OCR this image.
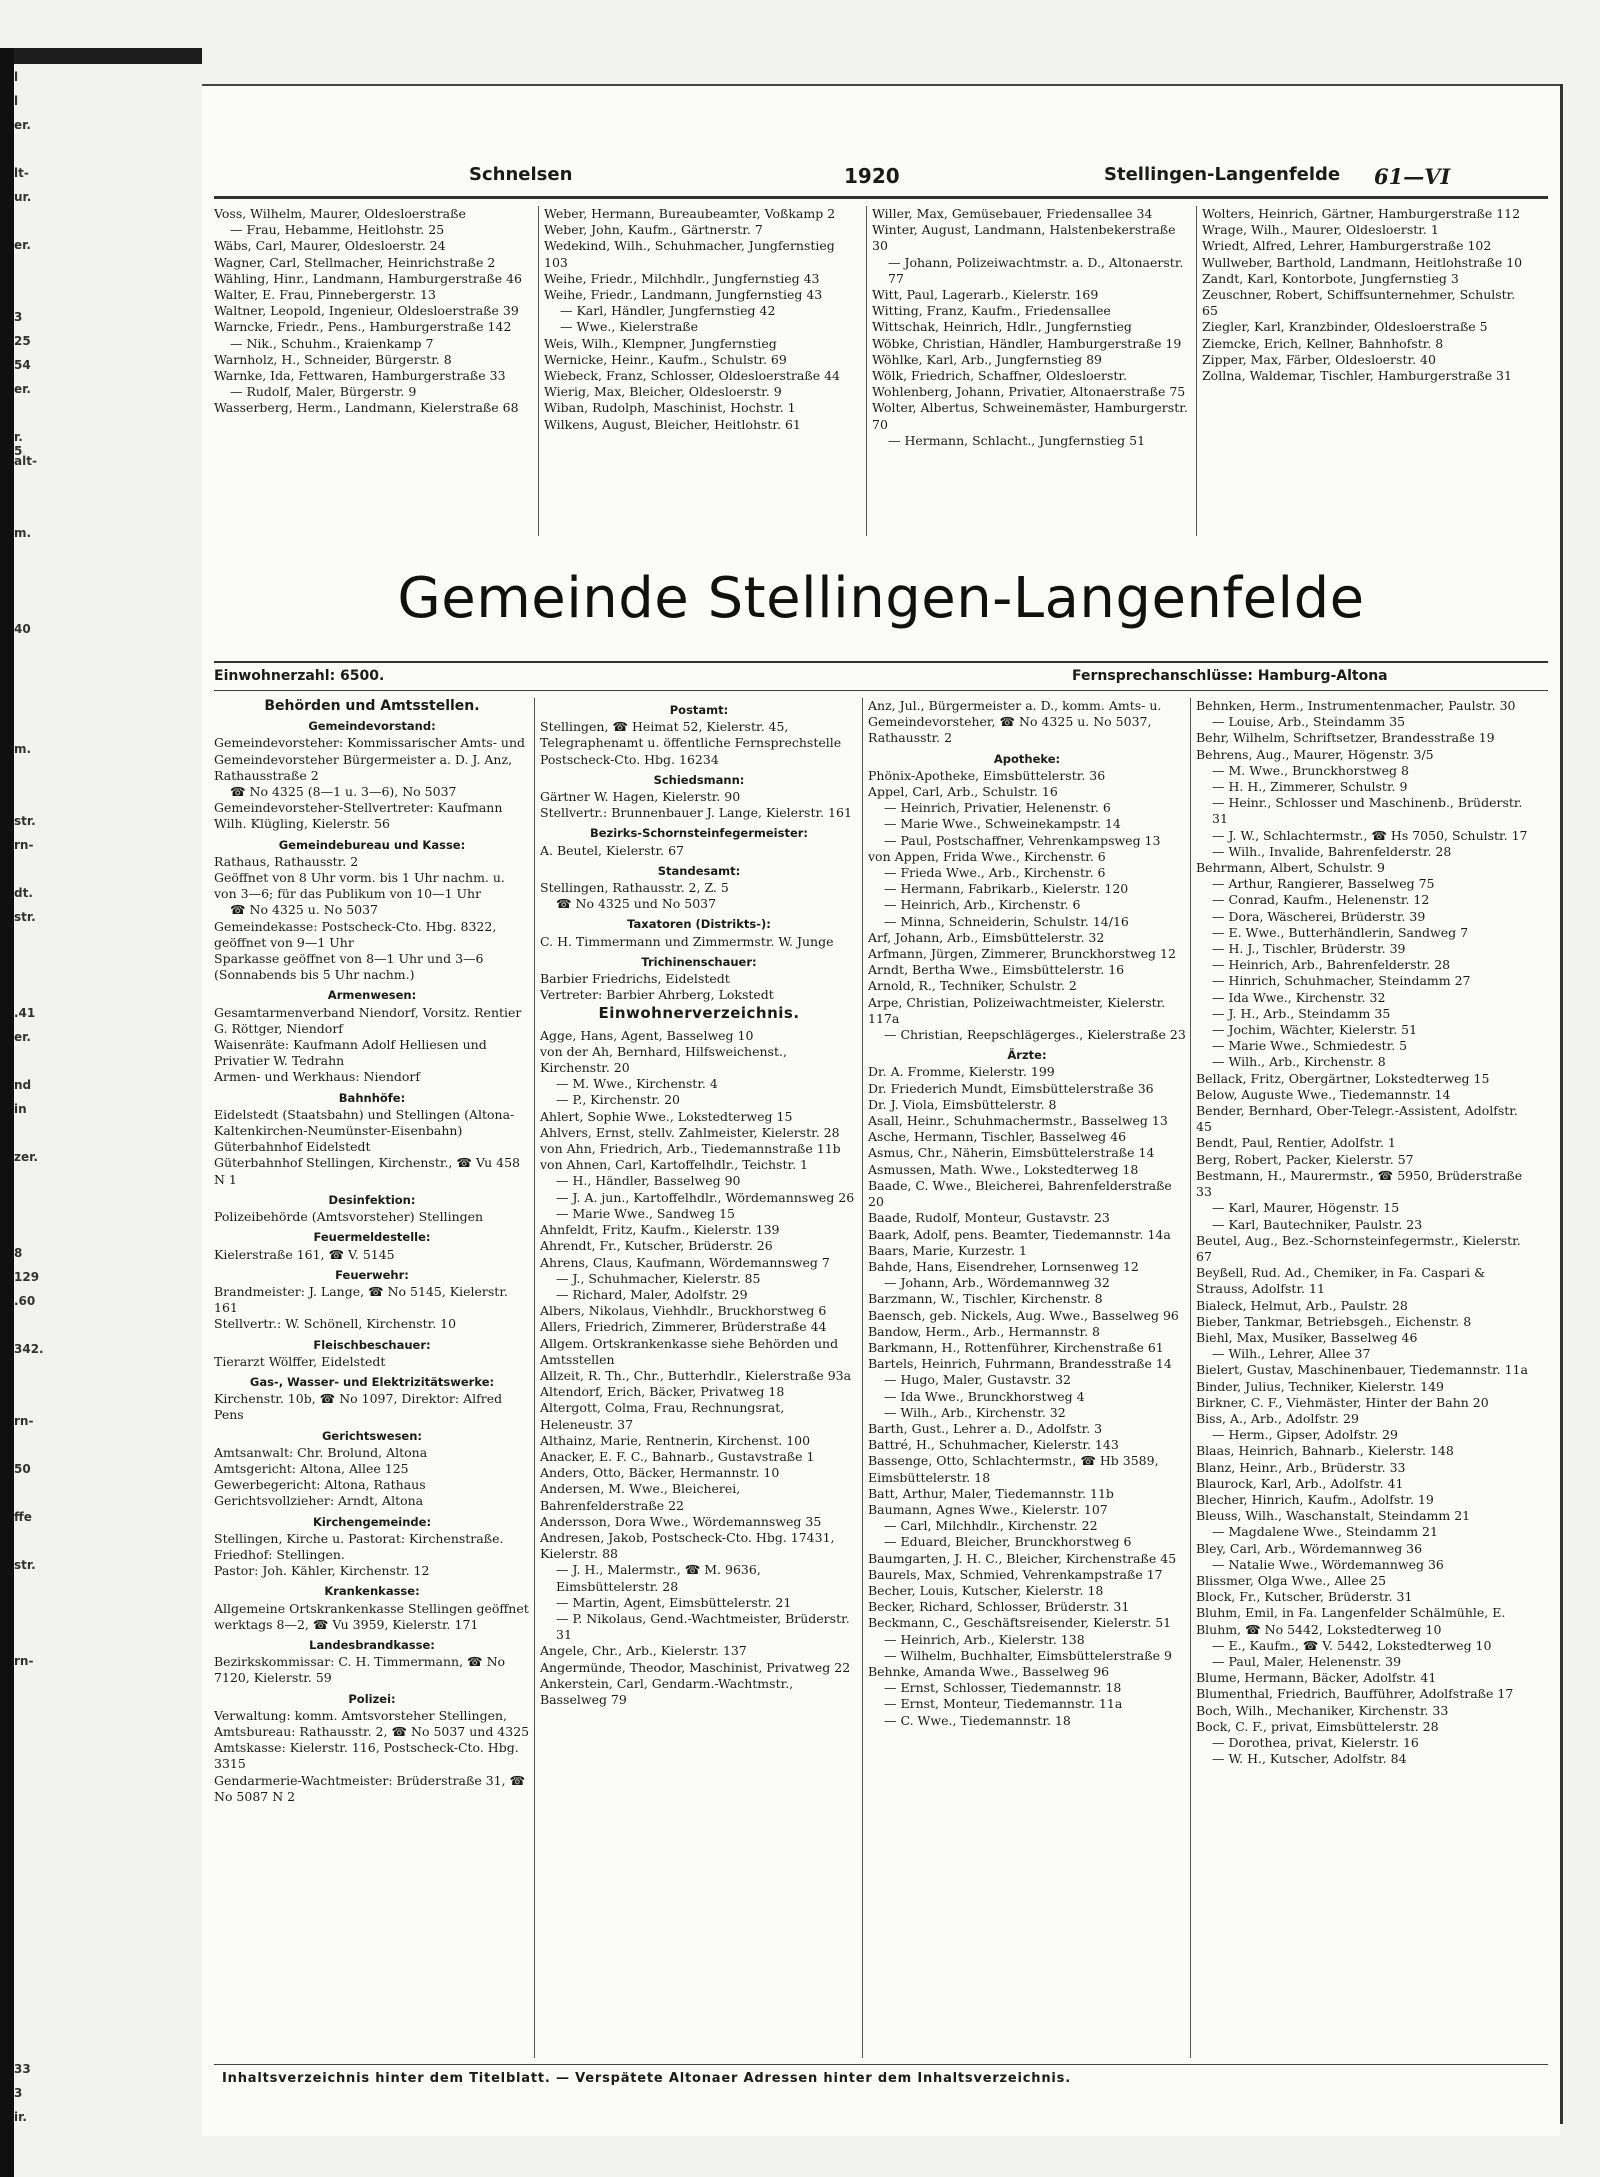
l
l
er.
lt-
ur.
er.
3
25
54
er.
r. 5
alt-
m.
40
m.
str.
rn-
dt.
str.
.41
er.
nd
in
zer.
8
129
.60
342.
rn-
50
ffe
str.
rn-
33
3
ir.
Schnelsen	1920	Stellingen-Langenfelde 61—VI

Voss, Wilhelm, Maurer, Oldesloerstraße

— Frau, Hebamme, Heitlohstr. 25

Wäbs, Carl, Maurer, Oldesloerstr. 24

Wagner, Carl, Stellmacher, Heinrichstraße 2

Wähling, Hinr., Landmann, Hamburgerstraße 46

Walter, E. Frau, Pinnebergerstr. 13

Waltner, Leopold, Ingenieur, Oldesloerstraße 39

Warncke, Friedr., Pens., Hamburgerstraße 142

— Nik., Schuhm., Kraienkamp 7

Warnholz, H., Schneider, Bürgerstr. 8

Warnke, Ida, Fettwaren, Hamburgerstraße 33

— Rudolf, Maler, Bürgerstr. 9

Wasserberg, Herm., Landmann, Kielerstraße 68

Weber, Hermann, Bureaubeamter, Voßkamp 2

Weber, John, Kaufm., Gärtnerstr. 7

Wedekind, Wilh., Schuhmacher, Jungfernstieg 103

Weihe, Friedr., Milchhdlr., Jungfernstieg 43

Weihe, Friedr., Landmann, Jungfernstieg 43

— Karl, Händler, Jungfernstieg 42

— Wwe., Kielerstraße

Weis, Wilh., Klempner, Jungfernstieg

Wernicke, Heinr., Kaufm., Schulstr. 69

Wiebeck, Franz, Schlosser, Oldesloerstraße 44

Wierig, Max, Bleicher, Oldesloerstr. 9

Wiban, Rudolph, Maschinist, Hochstr. 1

Wilkens, August, Bleicher, Heitlohstr. 61

Willer, Max, Gemüsebauer, Friedensallee 34

Winter, August, Landmann, Halstenbekerstraße 30

— Johann, Polizeiwachtmstr. a. D., Altonaerstr. 77

Witt, Paul, Lagerarb., Kielerstr. 169

Witting, Franz, Kaufm., Friedensallee

Wittschak, Heinrich, Hdlr., Jungfernstieg

Wöbke, Christian, Händler, Hamburgerstraße 19

Wöhlke, Karl, Arb., Jungfernstieg 89

Wölk, Friedrich, Schaffner, Oldesloerstr.

Wohlenberg, Johann, Privatier, Altonaerstraße 75

Wolter, Albertus, Schweinemäster, Hamburgerstr. 70

— Hermann, Schlacht., Jungfernstieg 51

Wolters, Heinrich, Gärtner, Hamburgerstraße 112

Wrage, Wilh., Maurer, Oldesloerstr. 1

Wriedt, Alfred, Lehrer, Hamburgerstraße 102

Wullweber, Barthold, Landmann, Heitlohstraße 10

Zandt, Karl, Kontorbote, Jungfernstieg 3

Zeuschner, Robert, Schiffsunternehmer, Schulstr. 65

Ziegler, Karl, Kranzbinder, Oldesloerstraße 5

Ziemcke, Erich, Kellner, Bahnhofstr. 8

Zipper, Max, Färber, Oldesloerstr. 40

Zollna, Waldemar, Tischler, Hamburgerstraße 31

Gemeinde Stellingen-Langenfelde
Einwohnerzahl: 6500.	Fernsprechanschlüsse: Hamburg-Altona

Behörden und Amtsstellen.

Gemeindevorstand:

Gemeindevorsteher: Kommissarischer Amts- und Gemeindevorsteher Bürgermeister a. D. J. Anz, Rathausstraße 2

☎ No 4325 (8—1 u. 3—6), No 5037

Gemeindevorsteher-Stellvertreter: Kaufmann Wilh. Klügling, Kielerstr. 56

Gemeindebureau und Kasse:

Rathaus, Rathausstr. 2

Geöffnet von 8 Uhr vorm. bis 1 Uhr nachm. u. von 3—6; für das Publikum von 10—1 Uhr

☎ No 4325 u. No 5037

Gemeindekasse: Postscheck-Cto. Hbg. 8322, geöffnet von 9—1 Uhr

Sparkasse geöffnet von 8—1 Uhr und 3—6 (Sonnabends bis 5 Uhr nachm.)

Armenwesen:

Gesamtarmenverband Niendorf, Vorsitz. Rentier G. Röttger, Niendorf

Waisenräte: Kaufmann Adolf Helliesen und Privatier W. Tedrahn

Armen- und Werkhaus: Niendorf

Bahnhöfe:

Eidelstedt (Staatsbahn) und Stellingen (Altona-Kaltenkirchen-Neumünster-Eisenbahn)

Güterbahnhof Eidelstedt

Güterbahnhof Stellingen, Kirchenstr., ☎ Vu 458 N 1

Desinfektion:

Polizeibehörde (Amtsvorsteher) Stellingen

Feuermeldestelle:

Kielerstraße 161, ☎ V. 5145

Feuerwehr:

Brandmeister: J. Lange, ☎ No 5145, Kielerstr. 161

Stellvertr.: W. Schönell, Kirchenstr. 10

Fleischbeschauer:

Tierarzt Wölffer, Eidelstedt

Gas-, Wasser- und Elektrizitätswerke:

Kirchenstr. 10b, ☎ No 1097, Direktor: Alfred Pens

Gerichtswesen:

Amtsanwalt: Chr. Brolund, Altona

Amtsgericht: Altona, Allee 125

Gewerbegericht: Altona, Rathaus

Gerichtsvollzieher: Arndt, Altona

Kirchengemeinde:

Stellingen, Kirche u. Pastorat: Kirchenstraße. Friedhof: Stellingen.

Pastor: Joh. Kähler, Kirchenstr. 12

Krankenkasse:

Allgemeine Ortskrankenkasse Stellingen geöffnet werktags 8—2, ☎ Vu 3959, Kielerstr. 171

Landesbrandkasse:

Bezirkskommissar: C. H. Timmermann, ☎ No 7120, Kielerstr. 59

Polizei:

Verwaltung: komm. Amtsvorsteher Stellingen, Amtsbureau: Rathausstr. 2, ☎ No 5037 und 4325

Amtskasse: Kielerstr. 116, Postscheck-Cto. Hbg. 3315

Gendarmerie-Wachtmeister: Brüderstraße 31, ☎ No 5087 N 2

Postamt:

Stellingen, ☎ Heimat 52, Kielerstr. 45, Telegraphenamt u. öffentliche Fernsprechstelle

Postscheck-Cto. Hbg. 16234

Schiedsmann:

Gärtner W. Hagen, Kielerstr. 90

Stellvertr.: Brunnenbauer J. Lange, Kielerstr. 161

Bezirks-Schornsteinfegermeister:

A. Beutel, Kielerstr. 67

Standesamt:

Stellingen, Rathausstr. 2, Z. 5

☎ No 4325 und No 5037

Taxatoren (Distrikts-):

C. H. Timmermann und Zimmermstr. W. Junge

Trichinenschauer:

Barbier Friedrichs, Eidelstedt

Vertreter: Barbier Ahrberg, Lokstedt

Einwohnerverzeichnis.

Agge, Hans, Agent, Basselweg 10

von der Ah, Bernhard, Hilfsweichenst., Kirchenstr. 20

— M. Wwe., Kirchenstr. 4

— P., Kirchenstr. 20

Ahlert, Sophie Wwe., Lokstedterweg 15

Ahlvers, Ernst, stellv. Zahlmeister, Kielerstr. 28

von Ahn, Friedrich, Arb., Tiedemannstraße 11b

von Ahnen, Carl, Kartoffelhdlr., Teichstr. 1

— H., Händler, Basselweg 90

— J. A. jun., Kartoffelhdlr., Wördemannsweg 26

— Marie Wwe., Sandweg 15

Ahnfeldt, Fritz, Kaufm., Kielerstr. 139

Ahrendt, Fr., Kutscher, Brüderstr. 26

Ahrens, Claus, Kaufmann, Wördemannsweg 7

— J., Schuhmacher, Kielerstr. 85

— Richard, Maler, Adolfstr. 29

Albers, Nikolaus, Viehhdlr., Bruckhorstweg 6

Allers, Friedrich, Zimmerer, Brüderstraße 44

Allgem. Ortskrankenkasse siehe Behörden und Amtsstellen

Allzeit, R. Th., Chr., Butterhdlr., Kielerstraße 93a

Altendorf, Erich, Bäcker, Privatweg 18

Altergott, Colma, Frau, Rechnungsrat, Heleneustr. 37

Althainz, Marie, Rentnerin, Kirchenst. 100

Anacker, E. F. C., Bahnarb., Gustavstraße 1

Anders, Otto, Bäcker, Hermannstr. 10

Andersen, M. Wwe., Bleicherei, Bahrenfelderstraße 22

Andersson, Dora Wwe., Wördemannsweg 35

Andresen, Jakob, Postscheck-Cto. Hbg. 17431, Kielerstr. 88

— J. H., Malermstr., ☎ M. 9636, Eimsbüttelerstr. 28

— Martin, Agent, Eimsbüttelerstr. 21

— P. Nikolaus, Gend.-Wachtmeister, Brüderstr. 31

Angele, Chr., Arb., Kielerstr. 137

Angermünde, Theodor, Maschinist, Privatweg 22

Ankerstein, Carl, Gendarm.-Wachtmstr., Basselweg 79

Anz, Jul., Bürgermeister a. D., komm. Amts- u. Gemeindevorsteher, ☎ No 4325 u. No 5037, Rathausstr. 2

Apotheke:

Phönix-Apotheke, Eimsbüttelerstr. 36

Appel, Carl, Arb., Schulstr. 16

— Heinrich, Privatier, Helenenstr. 6

— Marie Wwe., Schweinekampstr. 14

— Paul, Postschaffner, Vehrenkampsweg 13

von Appen, Frida Wwe., Kirchenstr. 6

— Frieda Wwe., Arb., Kirchenstr. 6

— Hermann, Fabrikarb., Kielerstr. 120

— Heinrich, Arb., Kirchenstr. 6

— Minna, Schneiderin, Schulstr. 14/16

Arf, Johann, Arb., Eimsbüttelerstr. 32

Arfmann, Jürgen, Zimmerer, Brunckhorstweg 12

Arndt, Bertha Wwe., Eimsbüttelerstr. 16

Arnold, R., Techniker, Schulstr. 2

Arpe, Christian, Polizeiwachtmeister, Kielerstr. 117a

— Christian, Reepschlägerges., Kielerstraße 23

Ärzte:

Dr. A. Fromme, Kielerstr. 199

Dr. Friederich Mundt, Eimsbüttelerstraße 36

Dr. J. Viola, Eimsbüttelerstr. 8

Asall, Heinr., Schuhmachermstr., Basselweg 13

Asche, Hermann, Tischler, Basselweg 46

Asmus, Chr., Näherin, Eimsbüttelerstraße 14

Asmussen, Math. Wwe., Lokstedterweg 18

Baade, C. Wwe., Bleicherei, Bahrenfelderstraße 20

Baade, Rudolf, Monteur, Gustavstr. 23

Baark, Adolf, pens. Beamter, Tiedemannstr. 14a

Baars, Marie, Kurzestr. 1

Bahde, Hans, Eisendreher, Lornsenweg 12

— Johann, Arb., Wördemannweg 32

Barzmann, W., Tischler, Kirchenstr. 8

Baensch, geb. Nickels, Aug. Wwe., Basselweg 96

Bandow, Herm., Arb., Hermannstr. 8

Barkmann, H., Rottenführer, Kirchenstraße 61

Bartels, Heinrich, Fuhrmann, Brandesstraße 14

— Hugo, Maler, Gustavstr. 32

— Ida Wwe., Brunckhorstweg 4

— Wilh., Arb., Kirchenstr. 32

Barth, Gust., Lehrer a. D., Adolfstr. 3

Battré, H., Schuhmacher, Kielerstr. 143

Bassenge, Otto, Schlachtermstr., ☎ Hb 3589, Eimsbüttelerstr. 18

Batt, Arthur, Maler, Tiedemannstr. 11b

Baumann, Agnes Wwe., Kielerstr. 107

— Carl, Milchhdlr., Kirchenstr. 22

— Eduard, Bleicher, Brunckhorstweg 6

Baumgarten, J. H. C., Bleicher, Kirchenstraße 45

Baurels, Max, Schmied, Vehrenkampstraße 17

Becher, Louis, Kutscher, Kielerstr. 18

Becker, Richard, Schlosser, Brüderstr. 31

Beckmann, C., Geschäftsreisender, Kielerstr. 51

— Heinrich, Arb., Kielerstr. 138

— Wilhelm, Buchhalter, Eimsbüttelerstraße 9

Behnke, Amanda Wwe., Basselweg 96

— Ernst, Schlosser, Tiedemannstr. 18

— Ernst, Monteur, Tiedemannstr. 11a

— C. Wwe., Tiedemannstr. 18

Behnken, Herm., Instrumentenmacher, Paulstr. 30

— Louise, Arb., Steindamm 35

Behr, Wilhelm, Schriftsetzer, Brandesstraße 19

Behrens, Aug., Maurer, Högenstr. 3/5

— M. Wwe., Brunckhorstweg 8

— H. H., Zimmerer, Schulstr. 9

— Heinr., Schlosser und Maschinenb., Brüderstr. 31

— J. W., Schlachtermstr., ☎ Hs 7050, Schulstr. 17

— Wilh., Invalide, Bahrenfelderstr. 28

Behrmann, Albert, Schulstr. 9

— Arthur, Rangierer, Basselweg 75

— Conrad, Kaufm., Helenenstr. 12

— Dora, Wäscherei, Brüderstr. 39

— E. Wwe., Butterhändlerin, Sandweg 7

— H. J., Tischler, Brüderstr. 39

— Heinrich, Arb., Bahrenfelderstr. 28

— Hinrich, Schuhmacher, Steindamm 27

— Ida Wwe., Kirchenstr. 32

— J. H., Arb., Steindamm 35

— Jochim, Wächter, Kielerstr. 51

— Marie Wwe., Schmiedestr. 5

— Wilh., Arb., Kirchenstr. 8

Bellack, Fritz, Obergärtner, Lokstedterweg 15

Below, Auguste Wwe., Tiedemannstr. 14

Bender, Bernhard, Ober-Telegr.-Assistent, Adolfstr. 45

Bendt, Paul, Rentier, Adolfstr. 1

Berg, Robert, Packer, Kielerstr. 57

Bestmann, H., Maurermstr., ☎ 5950, Brüderstraße 33

— Karl, Maurer, Högenstr. 15

— Karl, Bautechniker, Paulstr. 23

Beutel, Aug., Bez.-Schornsteinfegermstr., Kielerstr. 67

Beyßell, Rud. Ad., Chemiker, in Fa. Caspari & Strauss, Adolfstr. 11

Bialeck, Helmut, Arb., Paulstr. 28

Bieber, Tankmar, Betriebsgeh., Eichenstr. 8

Biehl, Max, Musiker, Basselweg 46

— Wilh., Lehrer, Allee 37

Bielert, Gustav, Maschinenbauer, Tiedemannstr. 11a

Binder, Julius, Techniker, Kielerstr. 149

Birkner, C. F., Viehmäster, Hinter der Bahn 20

Biss, A., Arb., Adolfstr. 29

— Herm., Gipser, Adolfstr. 29

Blaas, Heinrich, Bahnarb., Kielerstr. 148

Blanz, Heinr., Arb., Brüderstr. 33

Blaurock, Karl, Arb., Adolfstr. 41

Blecher, Hinrich, Kaufm., Adolfstr. 19

Bleuss, Wilh., Waschanstalt, Steindamm 21

— Magdalene Wwe., Steindamm 21

Bley, Carl, Arb., Wördemannweg 36

— Natalie Wwe., Wördemannweg 36

Blissmer, Olga Wwe., Allee 25

Block, Fr., Kutscher, Brüderstr. 31

Bluhm, Emil, in Fa. Langenfelder Schälmühle, E. Bluhm, ☎ No 5442, Lokstedterweg 10

— E., Kaufm., ☎ V. 5442, Lokstedterweg 10

— Paul, Maler, Helenenstr. 39

Blume, Hermann, Bäcker, Adolfstr. 41

Blumenthal, Friedrich, Baufführer, Adolfstraße 17

Boch, Wilh., Mechaniker, Kirchenstr. 33

Bock, C. F., privat, Eimsbüttelerstr. 28

— Dorothea, privat, Kielerstr. 16

— W. H., Kutscher, Adolfstr. 84

Inhaltsverzeichnis hinter dem Titelblatt. — Verspätete Altonaer Adressen hinter dem Inhaltsverzeichnis.
